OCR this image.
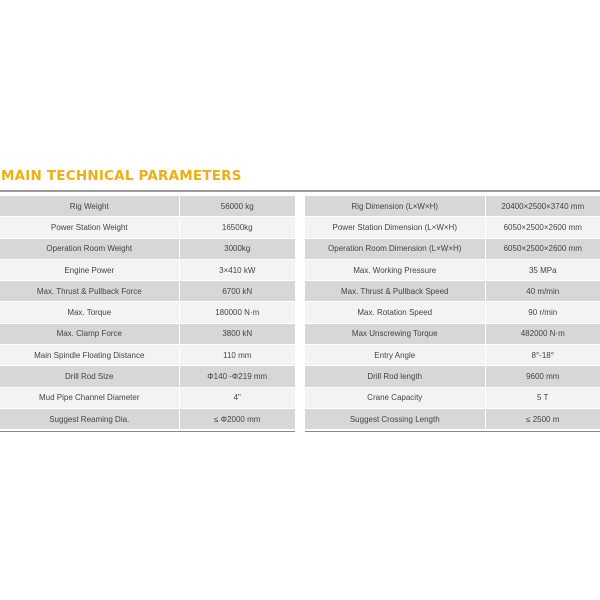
MAIN TECHNICAL PARAMETERS
Rig Weight	56000 kg
Power Station Weight	16500kg
Operation Room Weight	3000kg
Engine Power	3×410 kW
Max. Thrust & Pullback Force	6700 kN
Max. Torque	180000 N·m
Max. Clamp Force	3800 kN
Main Spindle Floating Distance	110 mm
Drill Rod Size	Φ140 -Φ219 mm
Mud Pipe Channel Diameter	4"
Suggest Reaming Dia.	≤ Φ2000 mm
Rig Dimension (L×W×H)	20400×2500×3740 mm
Power Station Dimension (L×W×H)	6050×2500×2600 mm
Operation Room Dimension (L×W×H)	6050×2500×2600 mm
Max. Working Pressure	35 MPa
Max. Thrust & Pullback Speed	40 m/min
Max. Rotation Speed	90 r/min
Max Unscrewing Torque	482000 N·m
Entry Angle	8°-18°
Drill Rod length	9600 mm
Crane Capacity	5 T
Suggest Crossing Length	≤ 2500 m
